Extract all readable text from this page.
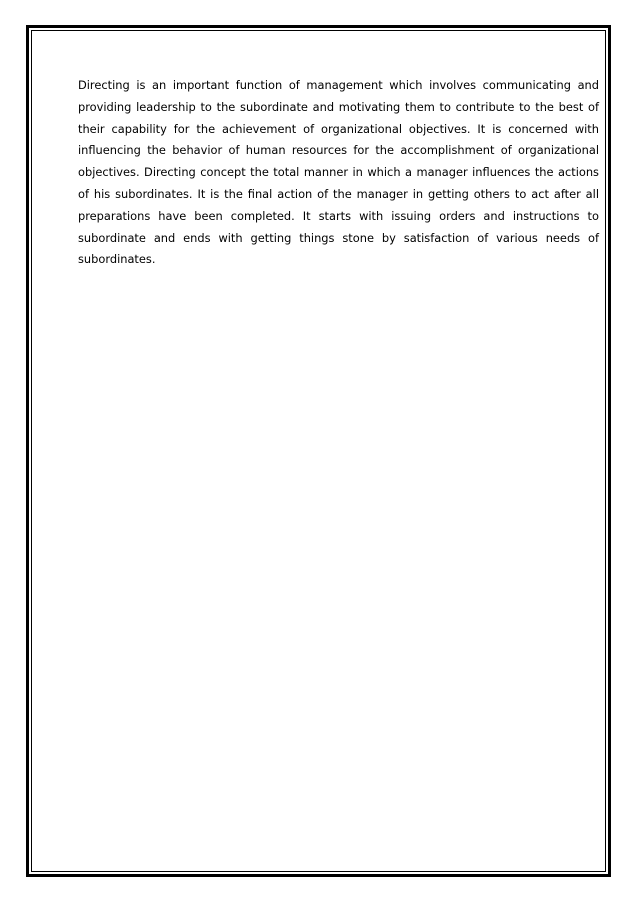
Directing is an important function of management which involves communicating and providing leadership to the subordinate and motivating them to contribute to the best of their capability for the achievement of organizational objectives. It is concerned with influencing the behavior of human resources for the accomplishment of organizational objectives. Directing concept the total manner in which a manager influences the actions of his subordinates. It is the final action of the manager in getting others to act after all preparations have been completed. It starts with issuing orders and instructions to subordinate and ends with getting things stone by satisfaction of various needs of subordinates.
